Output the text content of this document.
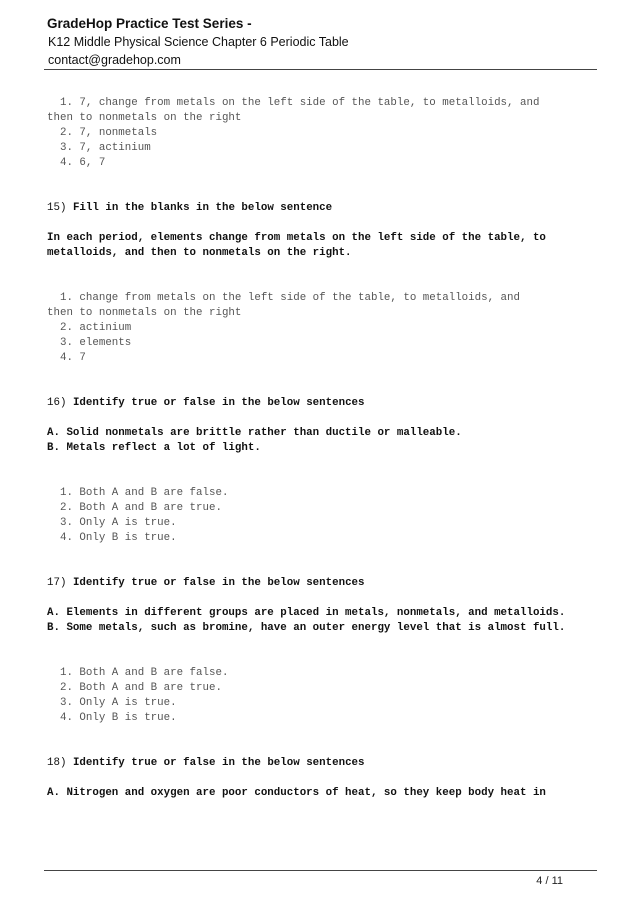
GradeHop Practice Test Series -

K12 Middle Physical Science Chapter 6 Periodic Table

contact@gradehop.com

1. 7, change from metals on the left side of the table, to metalloids, and
then to nonmetals on the right
2. 7, nonmetals
3. 7, actinium
4. 6, 7
15) Fill in the blanks in the below sentence
In each period, elements change from metals on the left side of the table, to metalloids, and then to nonmetals on the right.
1. change from metals on the left side of the table, to metalloids, and
then to nonmetals on the right
2. actinium
3. elements
4. 7
16) Identify true or false in the below sentences
A. Solid nonmetals are brittle rather than ductile or malleable.
B. Metals reflect a lot of light.
1. Both A and B are false.
2. Both A and B are true.
3. Only A is true.
4. Only B is true.
17) Identify true or false in the below sentences
A. Elements in different groups are placed in metals, nonmetals, and metalloids.
B. Some metals, such as bromine, have an outer energy level that is almost full.
1. Both A and B are false.
2. Both A and B are true.
3. Only A is true.
4. Only B is true.
18) Identify true or false in the below sentences
A. Nitrogen and oxygen are poor conductors of heat, so they keep body heat in
4 / 11
